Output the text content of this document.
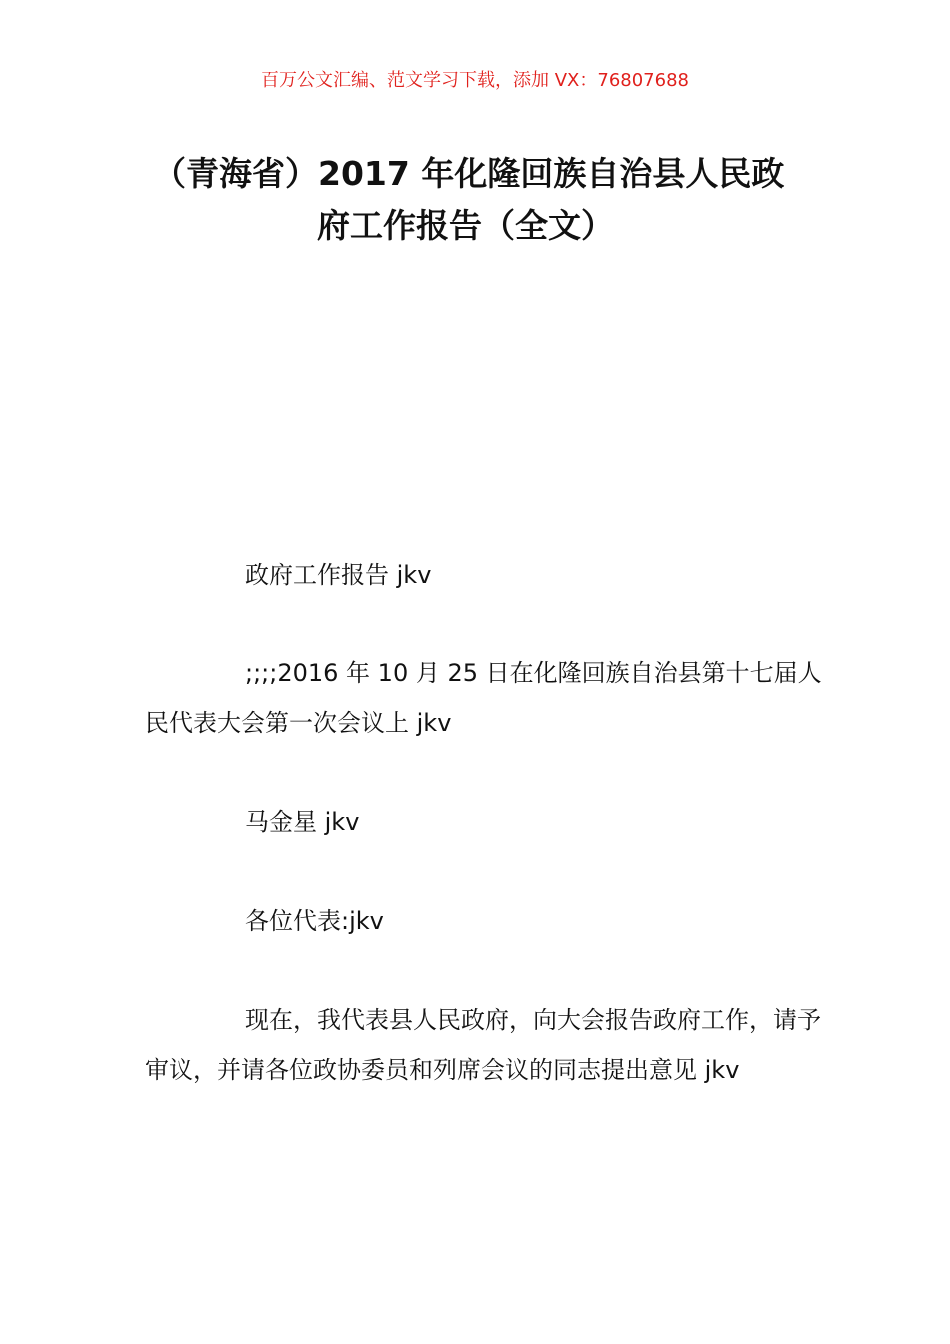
百万公文汇编、范文学习下载，添加 VX：76807688
（青海省）2017 年化隆回族自治县人民政
府工作报告（全文）

政府工作报告 jkv

;;;;2016 年 10 月 25 日在化隆回族自治县第十七届人民代表大会第一次会议上 jkv

马金星 jkv

各位代表:jkv

现在，我代表县人民政府，向大会报告政府工作，请予审议，并请各位政协委员和列席会议的同志提出意见 jkv
